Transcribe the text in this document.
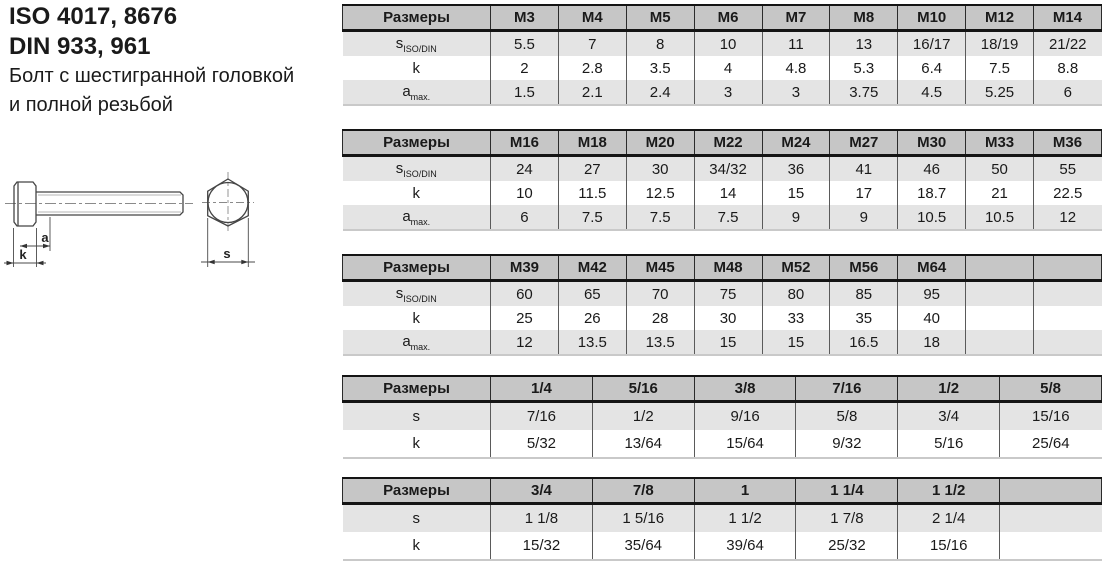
ISO 4017, 8676

DIN 933, 961

Болт с шестигранной головкой

и полной резьбой

a
k	s
Размеры	M3	M4	M5	M6	M7	M8	M10	M12	M14
$s_{ISO/DIN}$	5.5	7	8	10	11	13	16/17	18/19	21/22
k	2	2.8	3.5	4	4.8	5.3	6.4	7.5	8.8
$a_{max.}$	1.5	2.1	2.4	3	3	3.75	4.5	5.25	6
Размеры	M16	M18	M20	M22	M24	M27	M30	M33	M36
$s_{ISO/DIN}$	24	27	30	34/32	36	41	46	50	55
k	10	11.5	12.5	14	15	17	18.7	21	22.5
$a_{max.}$	6	7.5	7.5	7.5	9	9	10.5	10.5	12
Размеры	M39	M42	M45	M48	M52	M56	M64		
$s_{ISO/DIN}$	60	65	70	75	80	85	95		
k	25	26	28	30	33	35	40		
$a_{max.}$	12	13.5	13.5	15	15	16.5	18		
Размеры	1/4	5/16	3/8	7/16	1/2	5/8
s	7/16	1/2	9/16	5/8	3/4	15/16
k	5/32	13/64	15/64	9/32	5/16	25/64
Размеры	3/4	7/8	1	1 1/4	1 1/2	
s	1 1/8	1 5/16	1 1/2	1 7/8	2 1/4	
k	15/32	35/64	39/64	25/32	15/16	
